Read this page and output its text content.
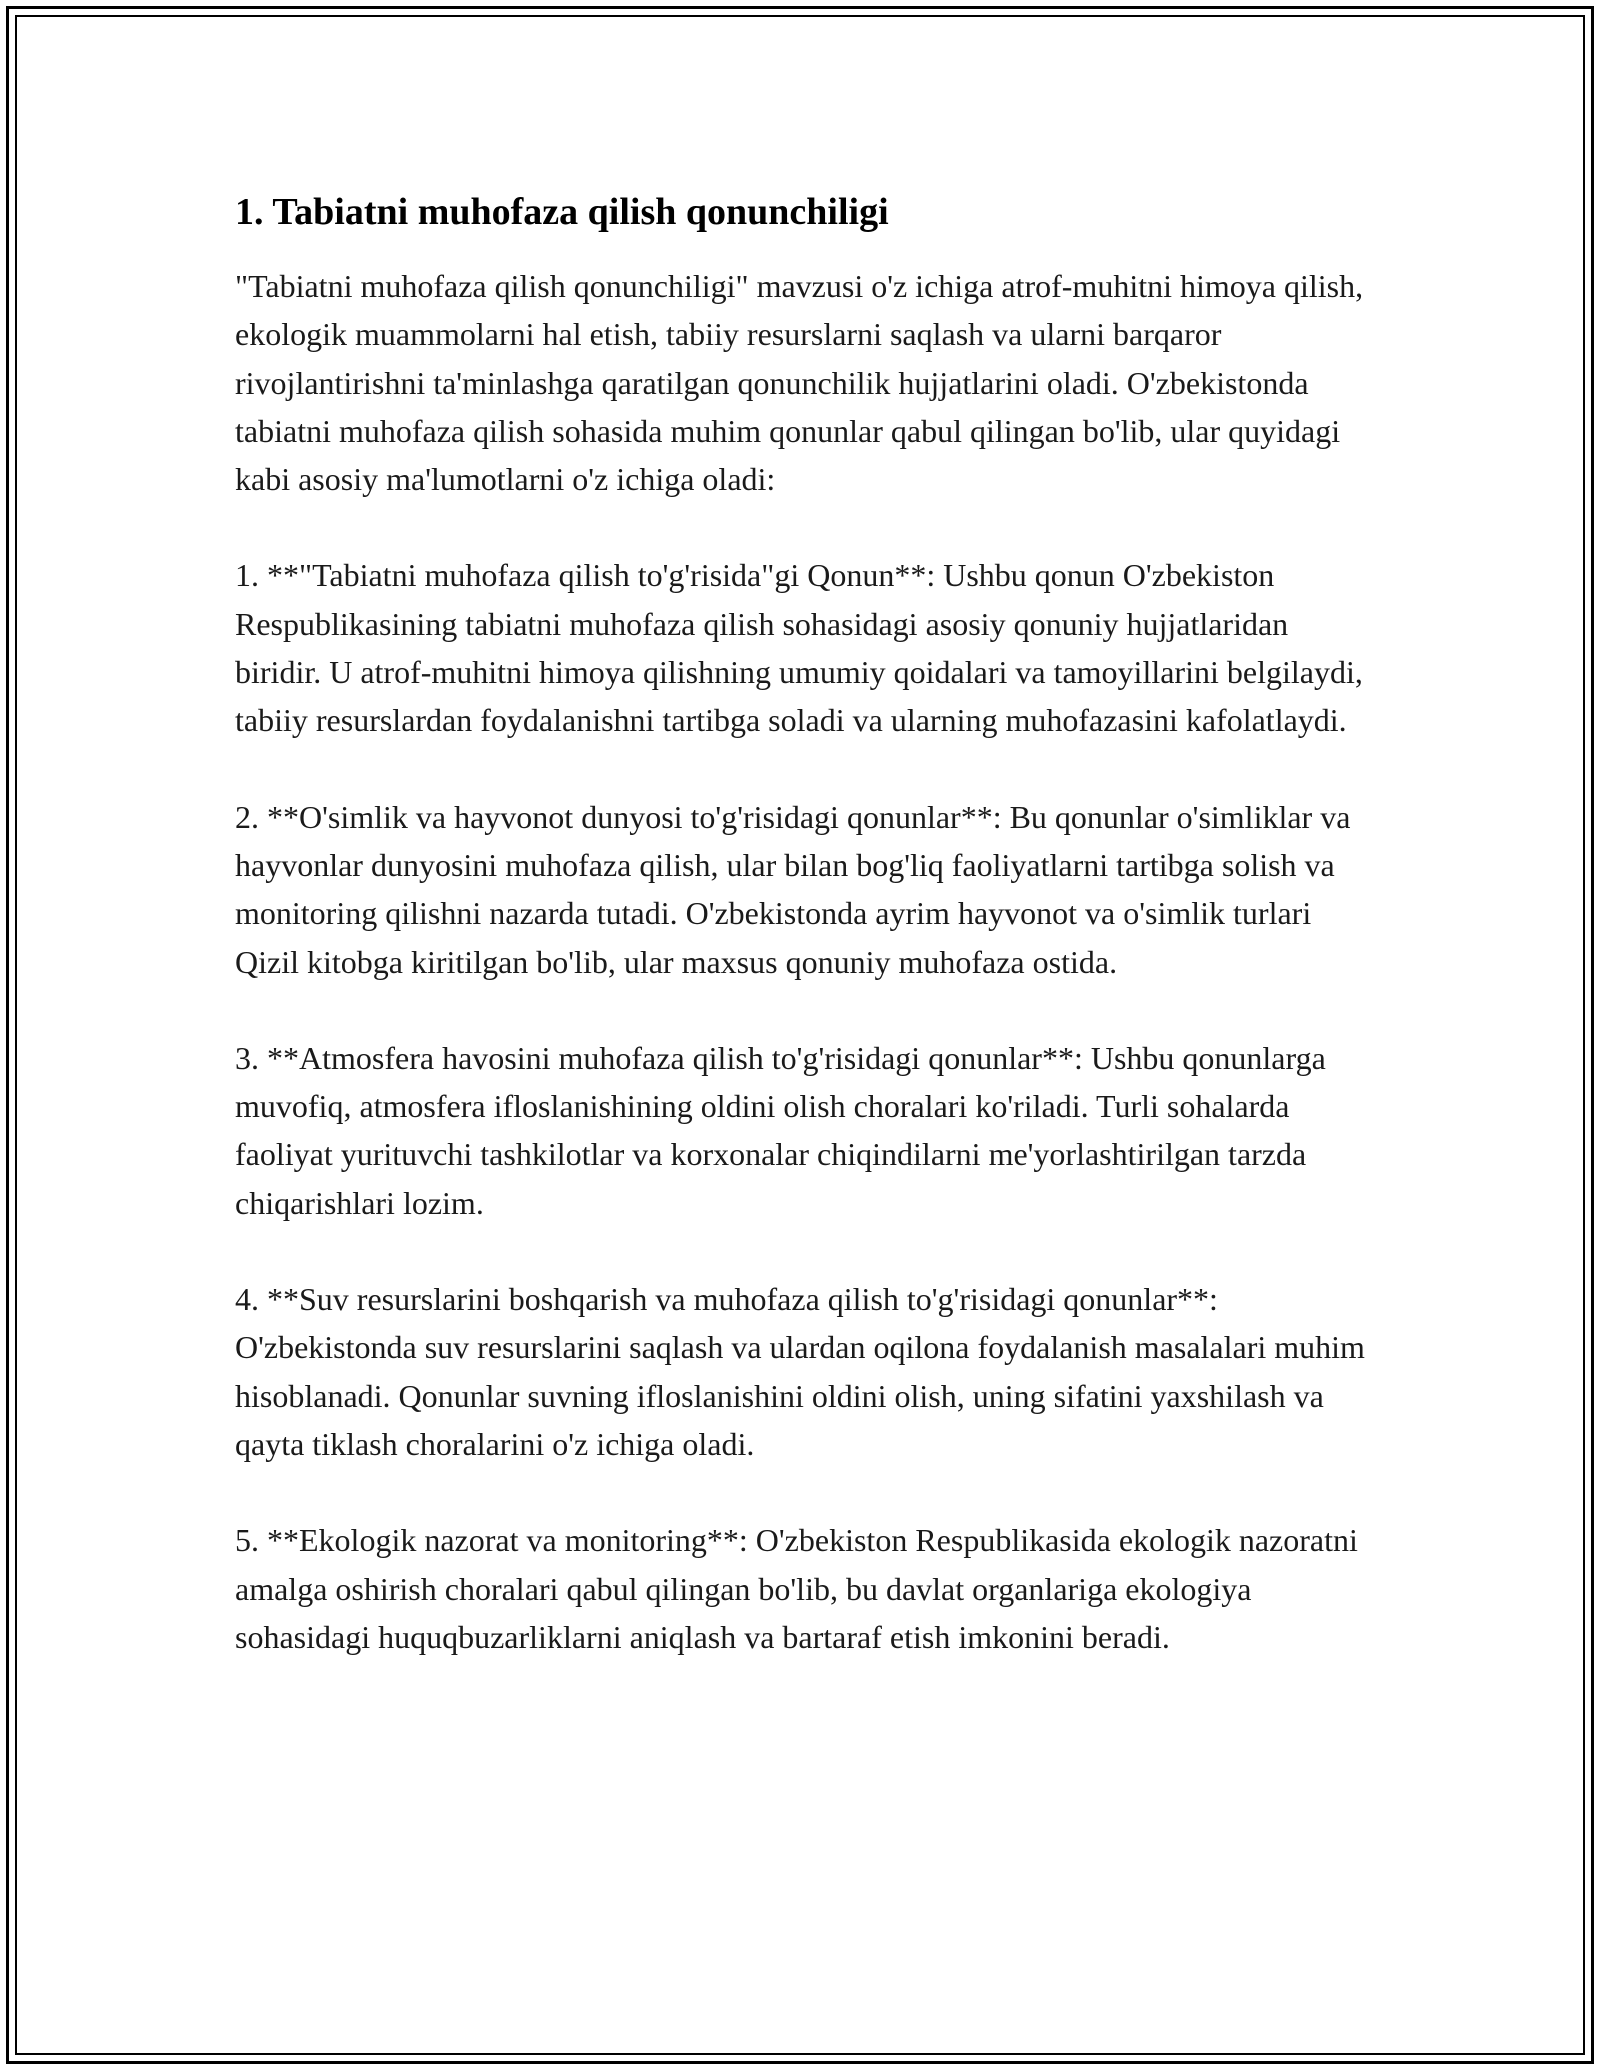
1. Tabiatni muhofaza qilish qonunchiligi

"Tabiatni muhofaza qilish qonunchiligi" mavzusi o'z ichiga atrof-muhitni himoya qilish, ekologik muammolarni hal etish, tabiiy resurslarni saqlash va ularni barqaror rivojlantirishni ta'minlashga qaratilgan qonunchilik hujjatlarini oladi. O'zbekistonda tabiatni muhofaza qilish sohasida muhim qonunlar qabul qilingan bo'lib, ular quyidagi kabi asosiy ma'lumotlarni o'z ichiga oladi:

1. **"Tabiatni muhofaza qilish to'g'risida"gi Qonun**: Ushbu qonun O'zbekiston Respublikasining tabiatni muhofaza qilish sohasidagi asosiy qonuniy hujjatlaridan biridir. U atrof-muhitni himoya qilishning umumiy qoidalari va tamoyillarini belgilaydi, tabiiy resurslardan foydalanishni tartibga soladi va ularning muhofazasini kafolatlaydi.

2. **O'simlik va hayvonot dunyosi to'g'risidagi qonunlar**: Bu qonunlar o'simliklar va hayvonlar dunyosini muhofaza qilish, ular bilan bog'liq faoliyatlarni tartibga solish va monitoring qilishni nazarda tutadi. O'zbekistonda ayrim hayvonot va o'simlik turlari Qizil kitobga kiritilgan bo'lib, ular maxsus qonuniy muhofaza ostida.

3. **Atmosfera havosini muhofaza qilish to'g'risidagi qonunlar**: Ushbu qonunlarga muvofiq, atmosfera ifloslanishining oldini olish choralari ko'riladi. Turli sohalarda faoliyat yurituvchi tashkilotlar va korxonalar chiqindilarni me'yorlashtirilgan tarzda chiqarishlari lozim.

4. **Suv resurslarini boshqarish va muhofaza qilish to'g'risidagi qonunlar**: O'zbekistonda suv resurslarini saqlash va ulardan oqilona foydalanish masalalari muhim hisoblanadi. Qonunlar suvning ifloslanishini oldini olish, uning sifatini yaxshilash va qayta tiklash choralarini o'z ichiga oladi.

5. **Ekologik nazorat va monitoring**: O'zbekiston Respublikasida ekologik nazoratni amalga oshirish choralari qabul qilingan bo'lib, bu davlat organlariga ekologiya sohasidagi huquqbuzarliklarni aniqlash va bartaraf etish imkonini beradi.
